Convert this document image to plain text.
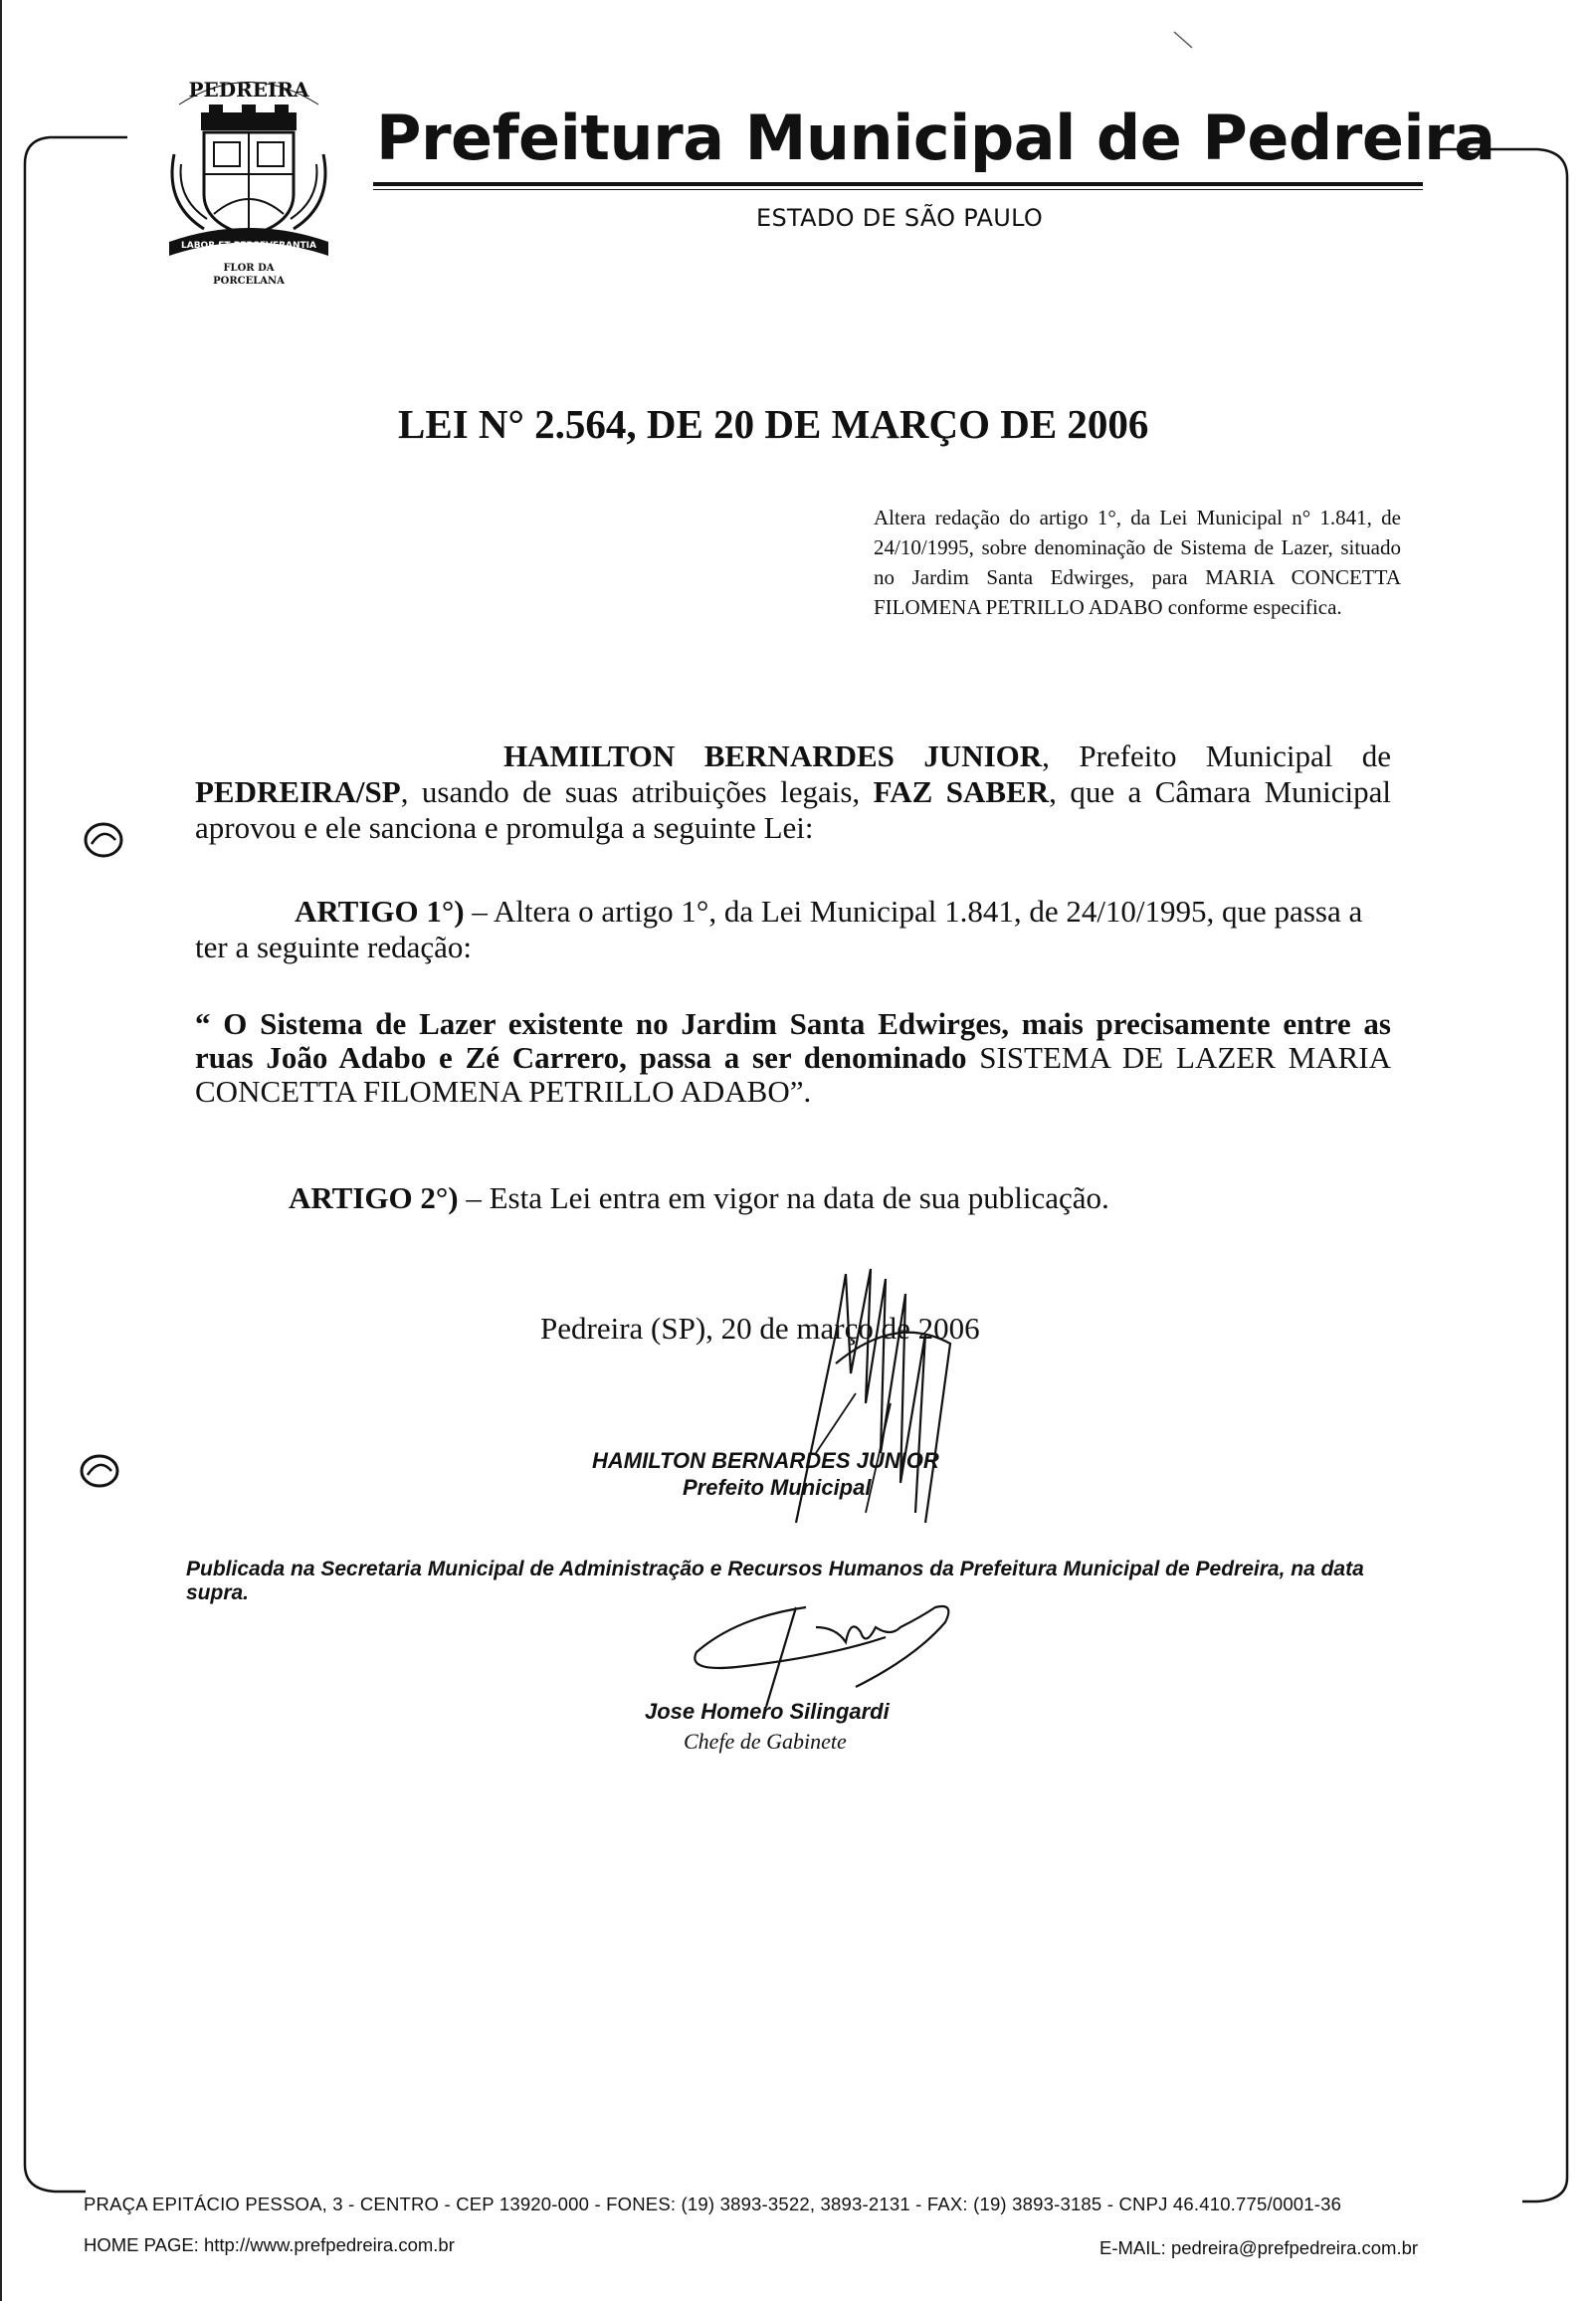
PEDREIRA
LABOR ET PERSEVERANTIA
FLOR DA
PORCELANA
Prefeitura Municipal de Pedreira
ESTADO DE SÃO PAULO
LEI N° 2.564, DE 20 DE MARÇO DE 2006
Altera redação do artigo 1°, da Lei Municipal n° 1.841, de 24/10/1995, sobre denominação de Sistema de Lazer, situado no Jardim Santa Edwirges, para MARIA CONCETTA FILOMENA PETRILLO ADABO conforme especifica.
HAMILTON BERNARDES JUNIOR, Prefeito Municipal de PEDREIRA/SP, usando de suas atribuições legais, FAZ SABER, que a Câmara Municipal aprovou e ele sanciona e promulga a seguinte Lei:
ARTIGO 1°) – Altera o artigo 1°, da Lei Municipal 1.841, de 24/10/1995, que passa a ter a seguinte redação:
“ O Sistema de Lazer existente no Jardim Santa Edwirges, mais precisamente entre as ruas João Adabo e Zé Carrero, passa a ser denominado SISTEMA DE LAZER MARIA CONCETTA FILOMENA PETRILLO ADABO”.
ARTIGO 2°) – Esta Lei entra em vigor na data de sua publicação.
Pedreira (SP), 20 de março de 2006
HAMILTON BERNARDES JUNIOR
Prefeito Municipal
Publicada na Secretaria Municipal de Administração e Recursos Humanos da Prefeitura Municipal de Pedreira, na data supra.
Jose Homero Silingardi
Chefe de Gabinete
PRAÇA EPITÁCIO PESSOA, 3 - CENTRO - CEP 13920-000 - FONES: (19) 3893-3522, 3893-2131 - FAX: (19) 3893-3185 - CNPJ 46.410.775/0001-36
HOME PAGE: http://www.prefpedreira.com.br	E-MAIL: pedreira@prefpedreira.com.br
